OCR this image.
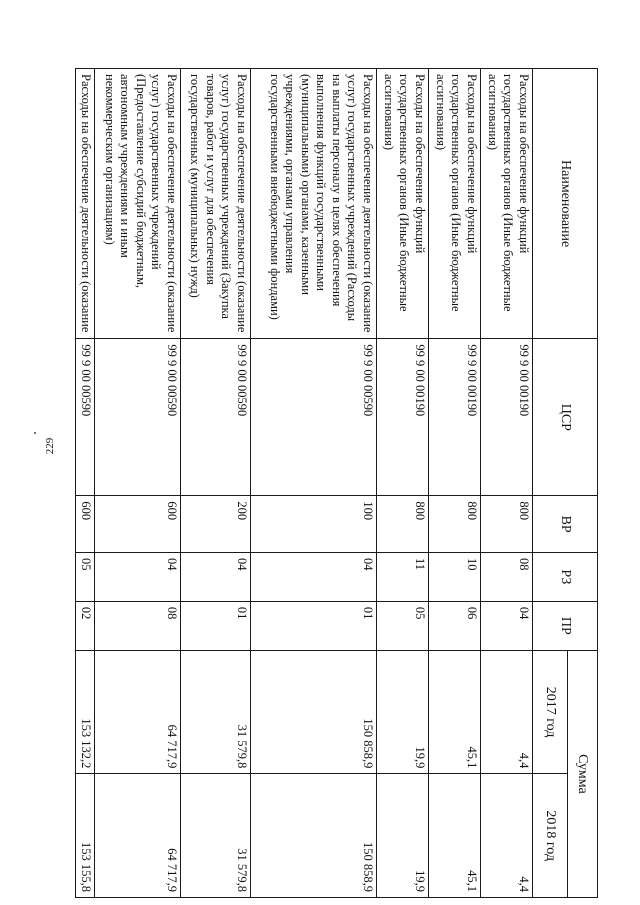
229
Наименование	ЦСР	ВР	РЗ	ПР	Сумма	
					2017 год	2018 год
Расходы на обеспечение функций государственных органов (Иные бюджетные ассигнования)	99 9 00 00190	800	08	04	4,4	4,4
Расходы на обеспечение функций государственных органов (Иные бюджетные ассигнования)	99 9 00 00190	800	10	06	45,1	45,1
Расходы на обеспечение функций государственных органов (Иные бюджетные ассигнования)	99 9 00 00190	800	11	05	19,9	19,9
Расходы на обеспечение деятельности (оказание услуг) государственных учреждений (Расходы на выплаты персоналу в целях обеспечения выполнения функций государственными (муниципальными) органами, казенными учреждениями, органами управления государственными внебюджетными фондами)	99 9 00 00590	100	04	01	150 858,9	150 858,9
Расходы на обеспечение деятельности (оказание услуг) государственных учреждений (Закупка товаров, работ и услуг для обеспечения государственных (муниципальных) нужд)	99 9 00 00590	200	04	01	31 579,8	31 579,8
Расходы на обеспечение деятельности (оказание услуг) государственных учреждений (Предоставление субсидий бюджетным, автономным учреждениям и иным некоммерческим организациям)	99 9 00 00590	600	04	08	64 717,9	64 717,9
Расходы на обеспечение деятельности (оказание	99 9 00 00590	600	05	02	153 132,2	153 155,8
